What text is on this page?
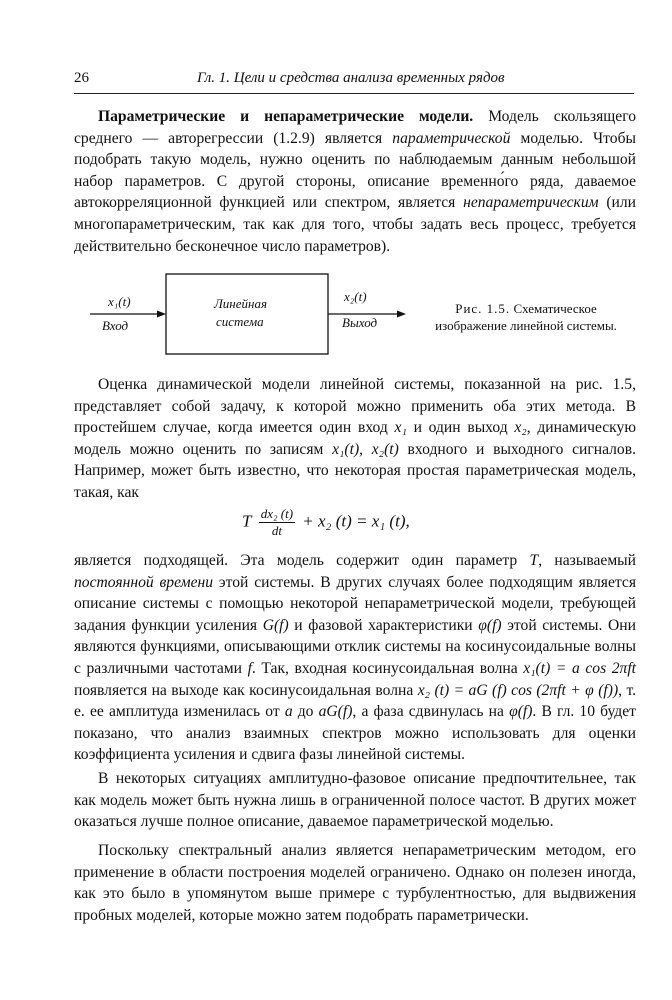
26	Гл. 1. Цели и средства анализа временных рядов

Параметрические и непараметрические модели. Модель скользящего среднего — авторегрессии (1.2.9) является параметрической моделью. Чтобы подобрать такую модель, нужно оценить по наблюдаемым данным небольшой набор параметров. С другой стороны, описание временно́го ряда, даваемое автокорреляционной функцией или спектром, является непараметрическим (или многопараметрическим, так как для того, чтобы задать весь процесс, требуется действительно бесконечное число параметров).

x₁(t)
Вход
Линейная
система
x₂(t)
Выход
Рис. 1.5. Схематическое изображение линейной системы.

Оценка динамической модели линейной системы, показанной на рис. 1.5, представляет собой задачу, к которой можно применить оба этих метода. В простейшем случае, когда имеется один вход x₁ и один выход x₂, динамическую модель можно оценить по записям x₁(t), x₂(t) входного и выходного сигналов. Например, может быть известно, что некоторая простая параметрическая модель, такая, как

T $\frac{\text{dx₂ (t)}}{dt} + x_2$ (t) = x₁ (t),

является подходящей. Эта модель содержит один параметр T, называемый постоянной времени этой системы. В других случаях более подходящим является описание системы с помощью некоторой непараметрической модели, требующей задания функции усиления G(f) и фазовой характеристики φ(f) этой системы. Они являются функциями, описывающими отклик системы на косинусоидальные волны с различными частотами f. Так, входная косинусоидальная волна x₁(t) = a cos 2πft появляется на выходе как косинусоидальная волна x₂ (t) = aG (f) cos (2πft + φ (f)), т. е. ее амплитуда изменилась от a до aG(f), а фаза сдвинулась на φ(f). В гл. 10 будет показано, что анализ взаимных спектров можно использовать для оценки коэффициента усиления и сдвига фазы линейной системы.

В некоторых ситуациях амплитудно-фазовое описание предпочтительнее, так как модель может быть нужна лишь в ограниченной полосе частот. В других может оказаться лучше полное описание, даваемое параметрической моделью.

Поскольку спектральный анализ является непараметрическим методом, его применение в области построения моделей ограничено. Однако он полезен иногда, как это было в упомянутом выше примере с турбулентностью, для выдвижения пробных моделей, которые можно затем подобрать параметрически.
